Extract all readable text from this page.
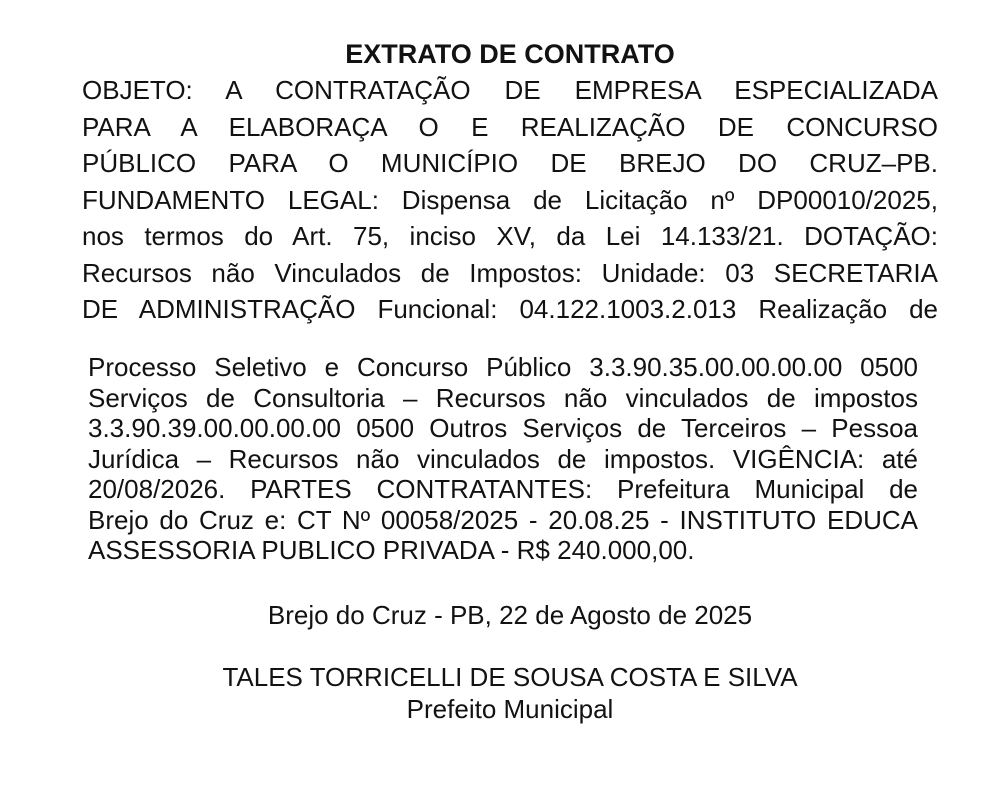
EXTRATO DE CONTRATO
OBJETO: A CONTRATAÇÃO DE EMPRESA ESPECIALIZADA
PARA A ELABORAÇA O E REALIZAÇÃO DE CONCURSO
PÚBLICO PARA O MUNICÍPIO DE BREJO DO CRUZ–PB.
FUNDAMENTO LEGAL: Dispensa de Licitação nº DP00010/2025,
nos termos do Art. 75, inciso XV, da Lei 14.133/21. DOTAÇÃO:
Recursos não Vinculados de Impostos: Unidade: 03 SECRETARIA
DE ADMINISTRAÇÃO Funcional: 04.122.1003.2.013 Realização de
Processo Seletivo e Concurso Público 3.3.90.35.00.00.00.00 0500
Serviços de Consultoria – Recursos não vinculados de impostos
3.3.90.39.00.00.00.00 0500 Outros Serviços de Terceiros – Pessoa
Jurídica – Recursos não vinculados de impostos. VIGÊNCIA: até
20/08/2026. PARTES CONTRATANTES: Prefeitura Municipal de
Brejo do Cruz e: CT Nº 00058/2025 - 20.08.25 - INSTITUTO EDUCA
ASSESSORIA PUBLICO PRIVADA - R$ 240.000,00.
Brejo do Cruz - PB, 22 de Agosto de 2025
TALES TORRICELLI DE SOUSA COSTA E SILVA
Prefeito Municipal
